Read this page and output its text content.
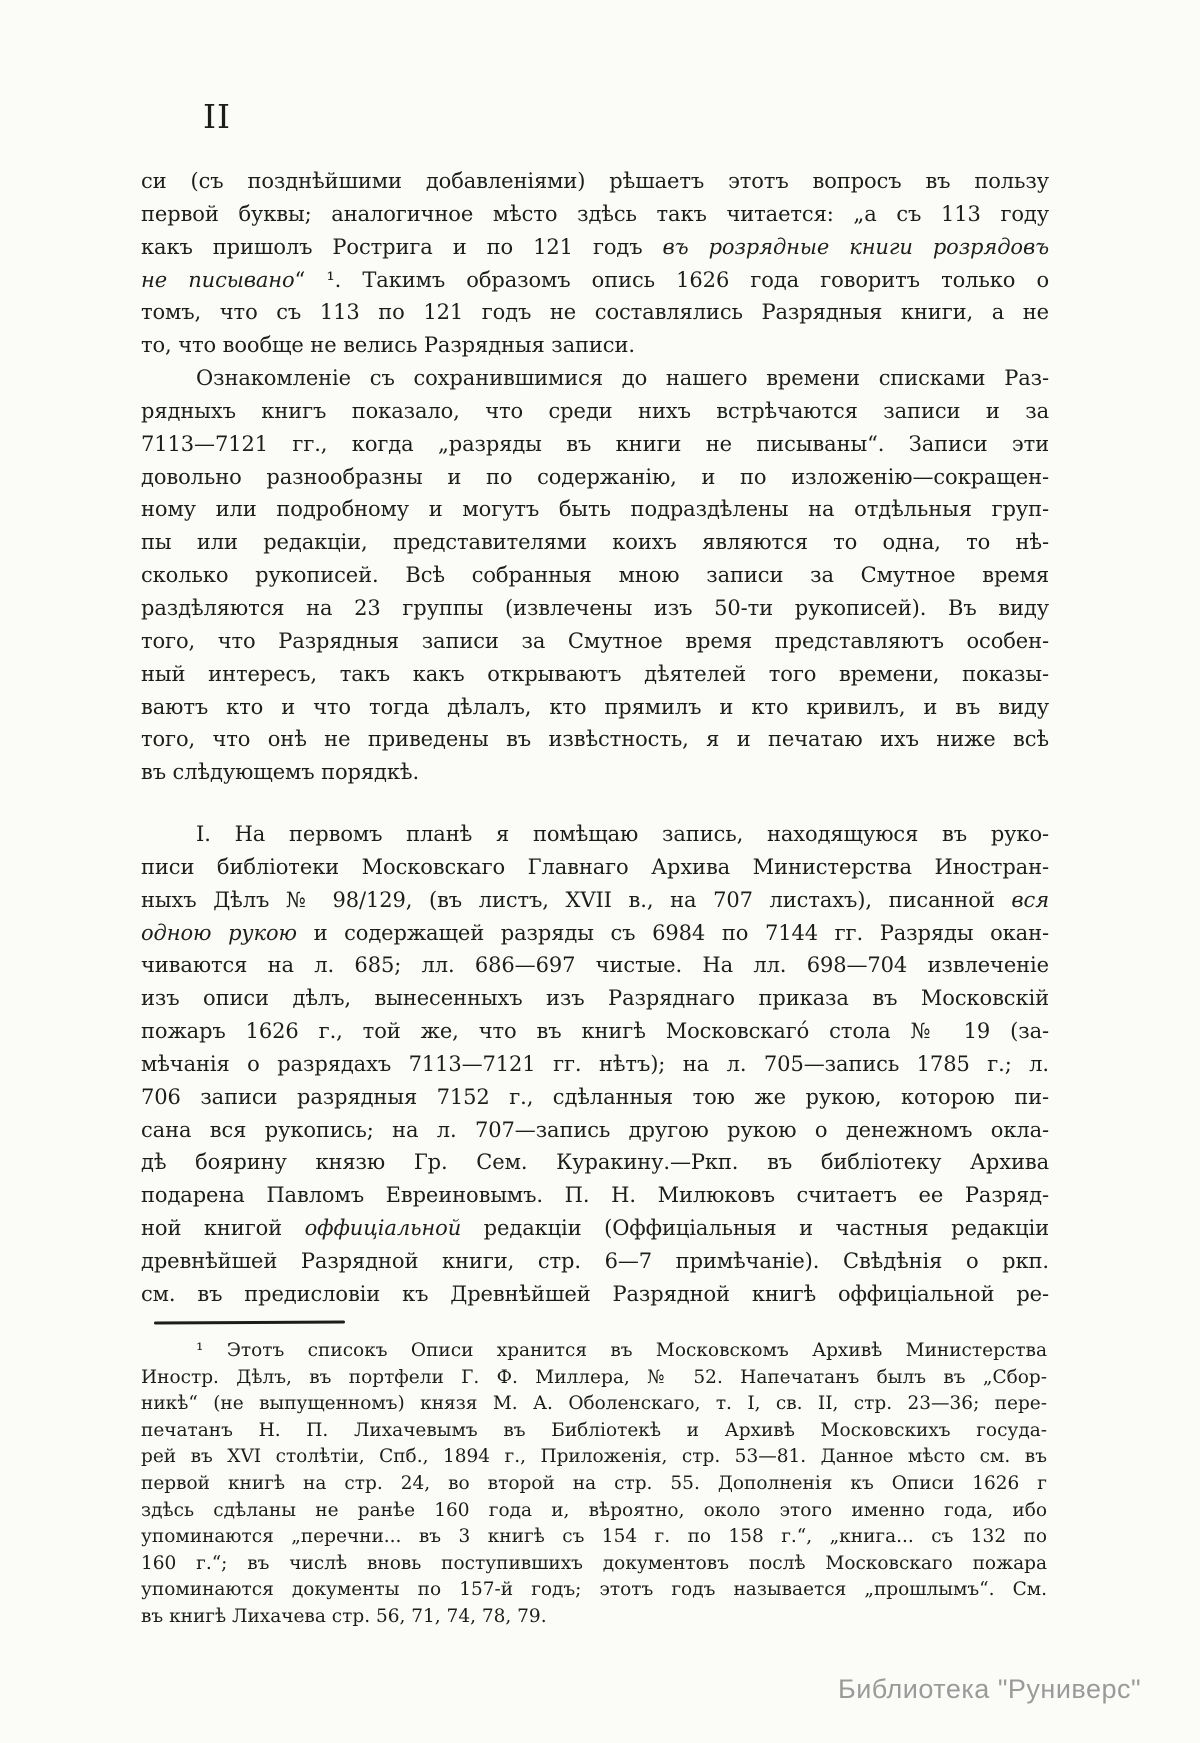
II
си (съ позднѣйшими добавленіями) рѣшаетъ этотъ вопросъ въ пользу
первой буквы; аналогичное мѣсто здѣсь такъ читается: „а съ 113 году
какъ пришолъ Рострига и по 121 годъ въ розрядные книги розрядовъ
не писывано“ ¹. Такимъ образомъ опись 1626 года говоритъ только о
томъ, что съ 113 по 121 годъ не составлялись Разрядныя книги, а не
то, что вообще не велись Разрядныя записи.
Ознакомленіе съ сохранившимися до нашего времени списками Раз-
рядныхъ книгъ показало, что среди нихъ встрѣчаются записи и за
7113—7121 гг., когда „разряды въ книги не писываны“. Записи эти
довольно разнообразны и по содержанію, и по изложенію—сокращен-
ному или подробному и могутъ быть подраздѣлены на отдѣльныя груп-
пы или редакціи, представителями коихъ являются то одна, то нѣ-
сколько рукописей. Всѣ собранныя мною записи за Смутное время
раздѣляются на 23 группы (извлечены изъ 50-ти рукописей). Въ виду
того, что Разрядныя записи за Смутное время представляютъ особен-
ный интересъ, такъ какъ открываютъ дѣятелей того времени, показы-
ваютъ кто и что тогда дѣлалъ, кто прямилъ и кто кривилъ, и въ виду
того, что онѣ не приведены въ извѣстность, я и печатаю ихъ ниже всѣ
въ слѣдующемъ порядкѣ.
I. На первомъ планѣ я помѣщаю запись, находящуюся въ руко-
писи библіотеки Московскаго Главнаго Архива Министерства Иностран-
ныхъ Дѣлъ № 98/129, (въ листъ, XVII в., на 707 листахъ), писанной вся
одною рукою и содержащей разряды съ 6984 по 7144 гг. Разряды окан-
чиваются на л. 685; лл. 686—697 чистые. На лл. 698—704 извлеченіе
изъ описи дѣлъ, вынесенныхъ изъ Разряднаго приказа въ Московскій
пожаръ 1626 г., той же, что въ книгѣ Московскаго́ стола № 19 (за-
мѣчанія о разрядахъ 7113—7121 гг. нѣтъ); на л. 705—запись 1785 г.; л.
706 записи разрядныя 7152 г., сдѣланныя тою же рукою, которою пи-
сана вся рукопись; на л. 707—запись другою рукою о денежномъ окла-
дѣ боярину князю Гр. Сем. Куракину.—Ркп. въ библіотеку Архива
подарена Павломъ Евреиновымъ. П. Н. Милюковъ считаетъ ее Разряд-
ной книгой оффиціальной редакціи (Оффиціальныя и частныя редакціи
древнѣйшей Разрядной книги, стр. 6—7 примѣчаніе). Свѣдѣнія о ркп.
см. въ предисловіи къ Древнѣйшей Разрядной книгѣ оффиціальной ре-
¹ Этотъ списокъ Описи хранится въ Московскомъ Архивѣ Министерства
Иностр. Дѣлъ, въ портфели Г. Ф. Миллера, № 52. Напечатанъ былъ въ „Сбор-
никѣ“ (не выпущенномъ) князя М. А. Оболенскаго, т. I, св. II, стр. 23—36; пере-
печатанъ Н. П. Лихачевымъ въ Библіотекѣ и Архивѣ Московскихъ госуда-
рей въ XVI столѣтіи, Спб., 1894 г., Приложенія, стр. 53—81. Данное мѣсто см. въ
первой книгѣ на стр. 24, во второй на стр. 55. Дополненія къ Описи 1626 г
здѣсь сдѣланы не ранѣе 160 года и, вѣроятно, около этого именно года, ибо
упоминаются „перечни... въ 3 книгѣ съ 154 г. по 158 г.“, „книга... съ 132 по
160 г.“; въ числѣ вновь поступившихъ документовъ послѣ Московскаго пожара
упоминаются документы по 157-й годъ; этотъ годъ называется „прошлымъ“. См.
въ книгѣ Лихачева стр. 56, 71, 74, 78, 79.
Библиотека "Руниверс"
